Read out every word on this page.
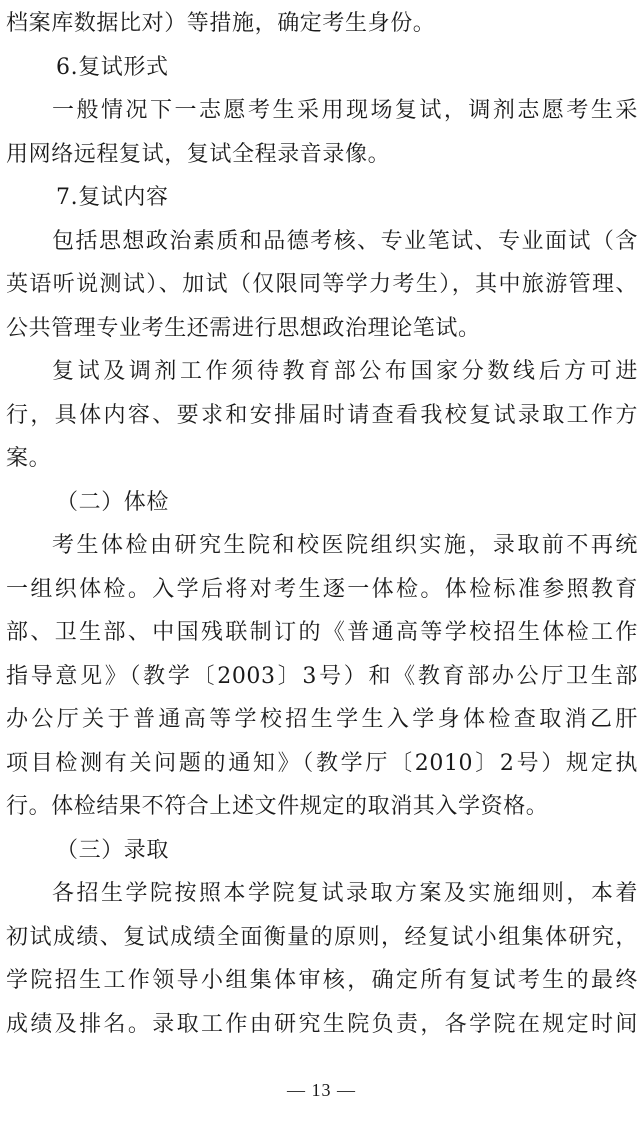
档案库数据比对）等措施，确定考生身份。
6.复试形式
一般情况下一志愿考生采用现场复试，调剂志愿考生采
用网络远程复试，复试全程录音录像。
7.复试内容
包括思想政治素质和品德考核、专业笔试、专业面试（含
英语听说测试）、加试（仅限同等学力考生），其中旅游管理、
公共管理专业考生还需进行思想政治理论笔试。
复试及调剂工作须待教育部公布国家分数线后方可进
行，具体内容、要求和安排届时请查看我校复试录取工作方
案。
（二）体检
考生体检由研究生院和校医院组织实施，录取前不再统
一组织体检。入学后将对考生逐一体检。体检标准参照教育
部、卫生部、中国残联制订的《普通高等学校招生体检工作
指导意见》（教学〔2003〕3号）和《教育部办公厅卫生部
办公厅关于普通高等学校招生学生入学身体检查取消乙肝
项目检测有关问题的通知》（教学厅〔2010〕2号）规定执
行。体检结果不符合上述文件规定的取消其入学资格。
（三）录取
各招生学院按照本学院复试录取方案及实施细则，本着
初试成绩、复试成绩全面衡量的原则，经复试小组集体研究，
学院招生工作领导小组集体审核，确定所有复试考生的最终
成绩及排名。录取工作由研究生院负责，各学院在规定时间
— 13 —
